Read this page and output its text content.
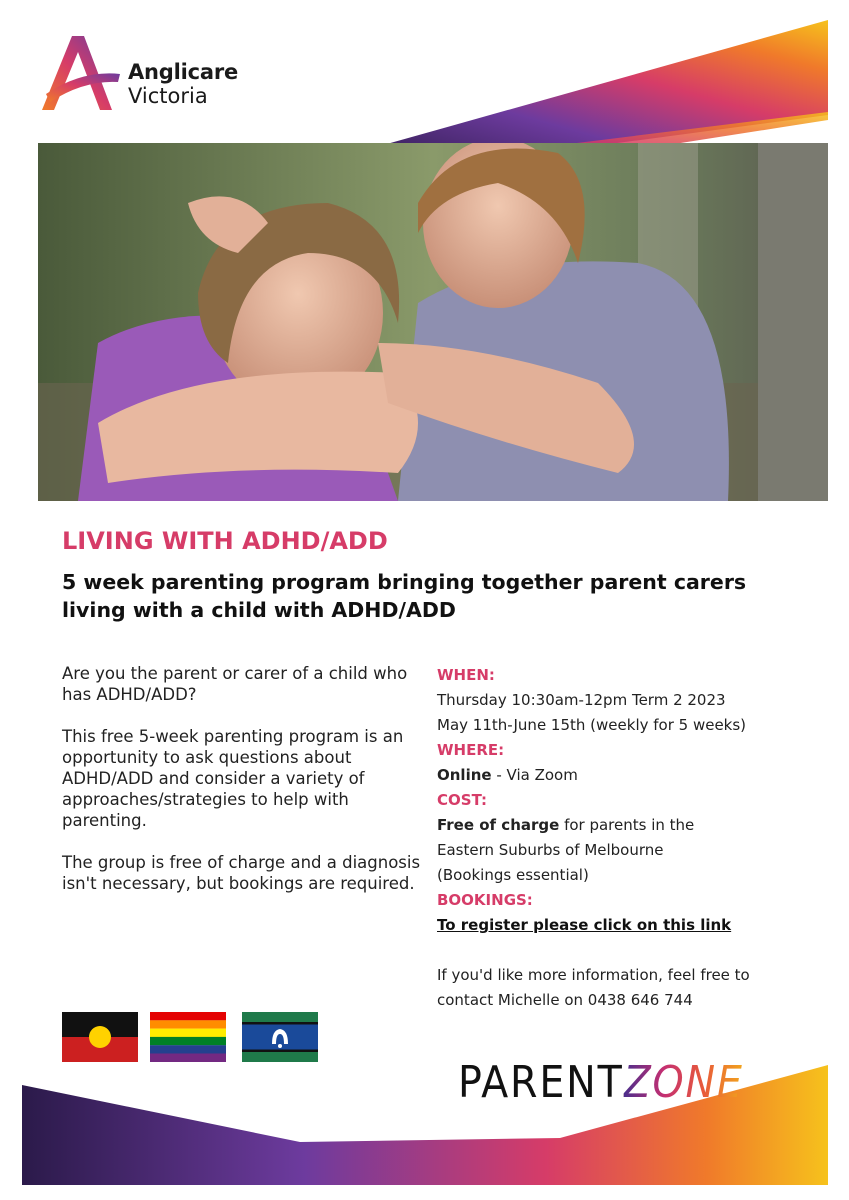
Anglicare
Victoria
LIVING WITH ADHD/ADD
5 week parenting program bringing together parent carers living with a child with ADHD/ADD

Are you the parent or carer of a child who has ADHD/ADD?

This free 5-week parenting program is an opportunity to ask questions about ADHD/ADD and consider a variety of approaches/strategies to help with parenting.

The group is free of charge and a diagnosis isn't necessary, but bookings are required.

WHEN:
Thursday 10:30am-12pm Term 2 2023
May 11th-June 15th (weekly for 5 weeks)
WHERE:
Online - Via Zoom
COST:
Free of charge for parents in the
Eastern Suburbs of Melbourne
(Bookings essential)
BOOKINGS:
To register please click on this link
If you'd like more information, feel free to
contact Michelle on 0438 646 744
PARENTZONE
